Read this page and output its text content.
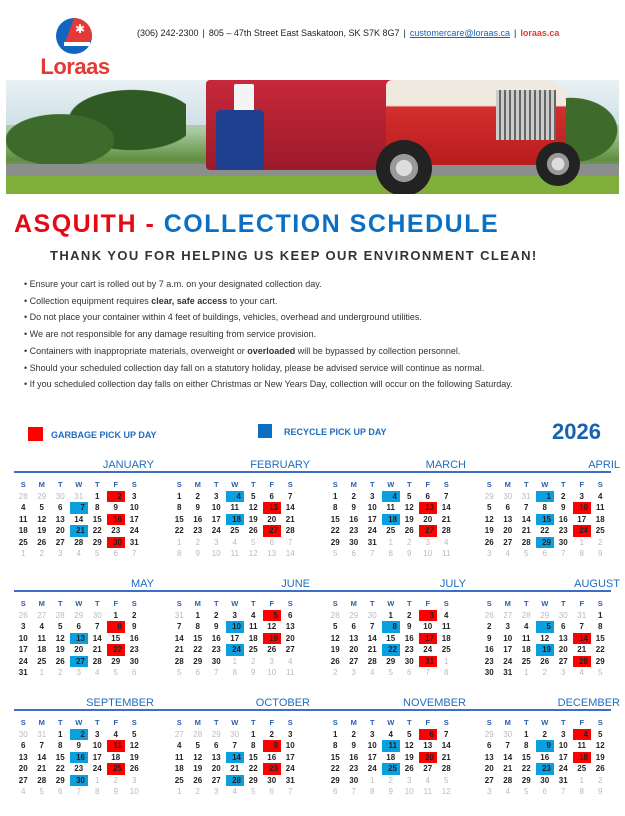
✱
Loraas
(306) 242-2300 | 805 – 47th Street East Saskatoon, SK S7K 8G7 | customercare@loraas.ca | loraas.ca
ASQUITH - COLLECTION SCHEDULE
THANK YOU FOR HELPING US KEEP OUR ENVIRONMENT CLEAN!
• Ensure your cart is rolled out by 7 a.m. on your designated collection day.
• Collection equipment requires clear, safe access to your cart.
• Do not place your container within 4 feet of buildings, vehicles, overhead and underground utilities.
• We are not responsible for any damage resulting from service provision.
• Containers with inappropriate materials, overweight or overloaded will be bypassed by collection personnel.
• Should your scheduled collection day fall on a statutory holiday, please be advised service will continue as normal.
• If you scheduled collection day falls on either Christmas or New Years Day, collection will occur on the following Saturday.
GARBAGE PICK UP DAY	RECYCLE PICK UP DAY	2026
JANUARY
S	M	T	W	T	F	S
28	29	30	31	1	2	3
4	5	6	7	8	9	10
11	12	13	14	15	16 17
18	19	20	21 22	23	24
25	26	27	28	29	30 31
1	2	3	4	5	6	7
FEBRUARY
S	M	T	W	T	F	S
1	2	3	4	5	6	7
8	9	10	11	12	13 14
15	16	17	18 19	20	21
22	23	24	25	26	27 28
1	2	3	4	5	6	7
8	9	10	11	12	13	14
MARCH
S	M	T	W	T	F	S
1	2	3	4	5	6	7
8	9	10	11	12	13 14
15	16	17	18 19	20	21
22	23	24	25	26	27 28
29	30	31	1	2	3	4
5	6	7	8	9	10	11
APRIL
S	M	T	W	T	F	S
29	30	31	1	2	3	4
5	6	7	8	9	10	11
12	13	14	15 16	17	18
19	20	21	22	23	24 25
26	27	28	29 30	1	2
3	4	5	6	7	8	9
MAY
S	M	T	W	T	F	S
26	27	28	29	30	1	2
3	4	5	6	7	8	9
10	11	12	13 14	15	16
17	18	19	20	21	22 23
24	25	26	27 28	29	30
31	1	2	3	4	5	6
JUNE
S	M	T	W	T	F	S
31	1	2	3	4	5	6
7	8	9	10	11	12	13
14	15	16	17	18	19 20
21	22	23	24 25	26	27
28	29	30	1	2	3	4
5	6	7	8	9	10	11
JULY
S	M	T	W	T	F	S
28	29	30	1	2	3	4
5	6	7	8	9	10	11
12	13	14	15	16	17 18
19	20	21	22 23	24	25
26	27	28	29	30	31	1
2	3	4	5	6	7	8
AUGUST
S	M	T	W	T	F	S
26	27	28	29	30	31	1
2	3	4	5	6	7	8
9	10	11	12	13	14 15
16	17	18	19 20	21	22
23	24	25	26	27	28 29
30	31	1	2	3	4	5
SEPTEMBER
S	M	T	W	T	F	S
30	31	1	2	3	4	5
6	7	8	9	10	11 12
13	14	15	16 17	18	19
20	21	22	23	24	25 26
27	28	29	30	1	2	3
4	5	6	7	8	9	10
OCTOBER
S	M	T	W	T	F	S
27	28	29	30	1	2	3
4	5	6	7	8	9 10
11	12	13	14 15	16	17
18	19	20	21	22	23 24
25	26	27	28 29	30	31
1	2	3	4	5	6	7
NOVEMBER
S	M	T	W	T	F	S
1	2	3	4	5	6	7
8	9	10	11 12	13	14
15	16	17	18	19	20 21
22	23	24	25 26	27	28
29	30	1	2	3	4	5
6	7	8	9	10	11	12
DECEMBER
S	M	T	W	T	F	S
29	30	1	2	3	4	5
6	7	8	9 10	11	12
13	14	15	16	17	18 19
20	21	22	23 24	25	26
27	28	29	30	31	1	2
3	4	5	6	7	8	9
